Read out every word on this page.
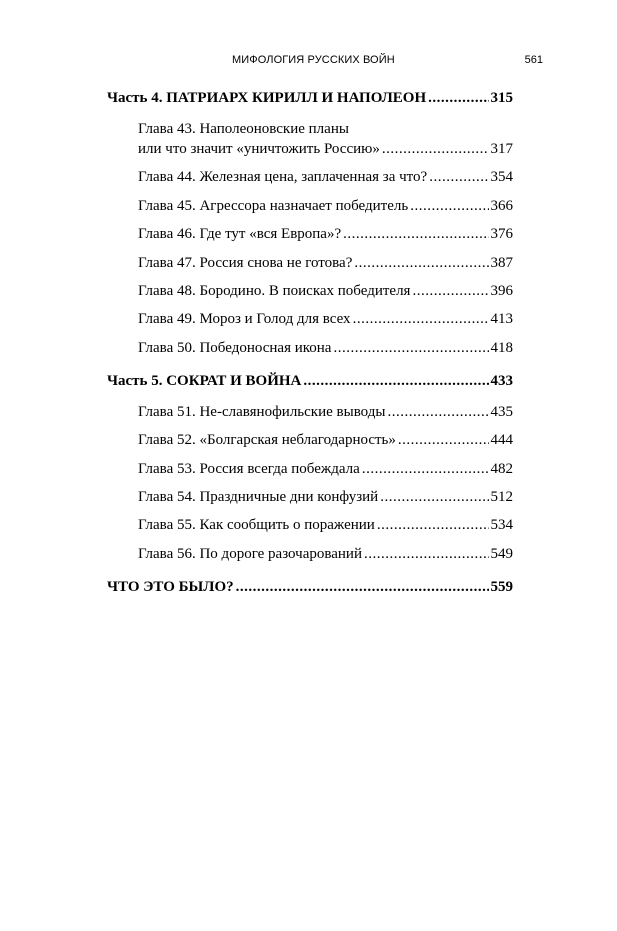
МИФОЛОГИЯ РУССКИХ ВОЙН	561
Часть 4. ПАТРИАРХ КИРИЛЛ И НАПОЛЕОН .....	315
Глава 43. Наполеоновские планы
или что значит «уничтожить Россию» .....	317
Глава 44. Железная цена, заплаченная за что? .....	354
Глава 45. Агрессора назначает победитель .....	366
Глава 46. Где тут «вся Европа»? .....	376
Глава 47. Россия снова не готова? .....	387
Глава 48. Бородино. В поисках победителя .....	396
Глава 49. Мороз и Голод для всех .....	413
Глава 50. Победоносная икона .....	418
Часть 5. СОКРАТ И ВОЙНА .....	433
Глава 51. Не-славянофильские выводы .....	435
Глава 52. «Болгарская неблагодарность» .....	444
Глава 53. Россия всегда побеждала .....	482
Глава 54. Праздничные дни конфузий .....	512
Глава 55. Как сообщить о поражении .....	534
Глава 56. По дороге разочарований .....	549
ЧТО ЭТО БЫЛО? .....	559
